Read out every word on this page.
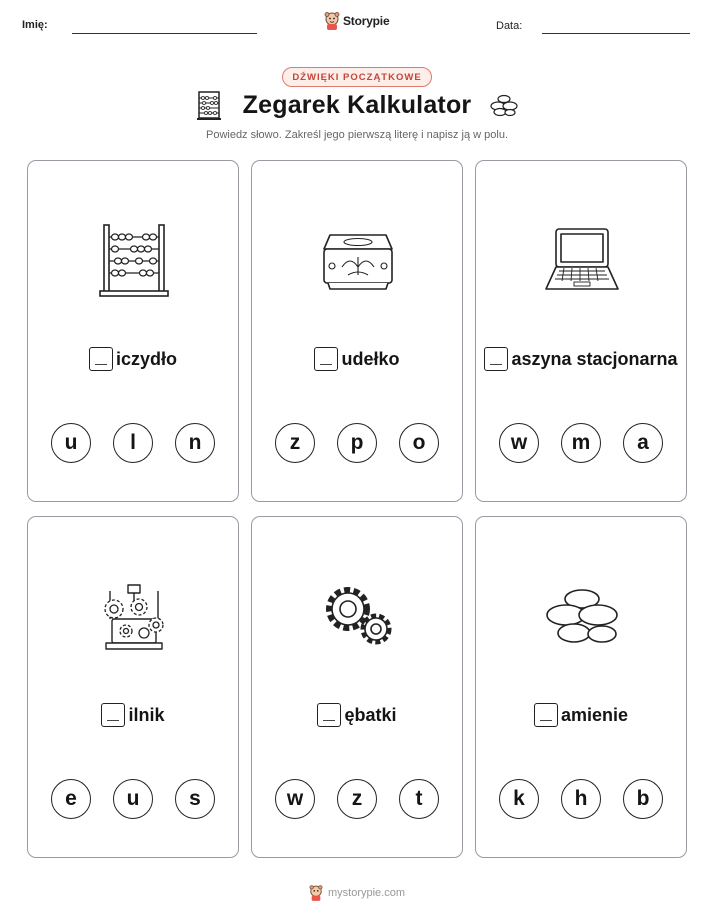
Imię:	Storypie	Data:
DŹWIĘKI POCZĄTKOWE
Zegarek Kalkulator
Powiedz słowo. Zakreśl jego pierwszą literę i napisz ją w polu.
iczydło
u	l	n
udełko
z	p	o
aszyna stacjonarna
w	m	a
ilnik
e	u	s
ębatki
w	z	t
amienie
k	h	b
mystorypie.com
